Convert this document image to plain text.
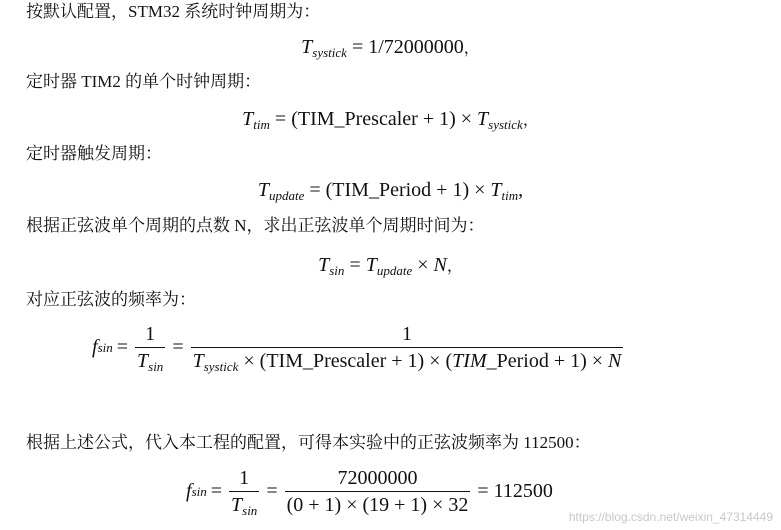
按默认配置，STM32 系统时钟周期为：
$T_{systick} = 1/72000000$，
定时器 TIM2 的单个时钟周期：
$T_{tim}$ = (TIM_Prescaler + $1) \times T_{systick}$，
定时器触发周期：
$T_{update}$ = (TIM_Period + $1) \times T_{tim}$,
根据正弦波单个周期的点数 N，求出正弦波单个周期时间为：
$T_{sin} = T_{update} \times N$，
对应正弦波的频率为：
f $\sin = \frac{1}{T_{sin}} = \frac{1}{T_{systick} \times (TIM\_Prescaler + 1) \times (TIM\_Period + 1) \times N}$
根据上述公式，代入本工程的配置，可得本实验中的正弦波频率为 112500：
f $\sin = \frac{1}{T_{sin}} = \frac{72000000}{(0 + 1) \times (19 + 1) \times 32} = 112500$
https://blog.csdn.net/weixin_47314449
